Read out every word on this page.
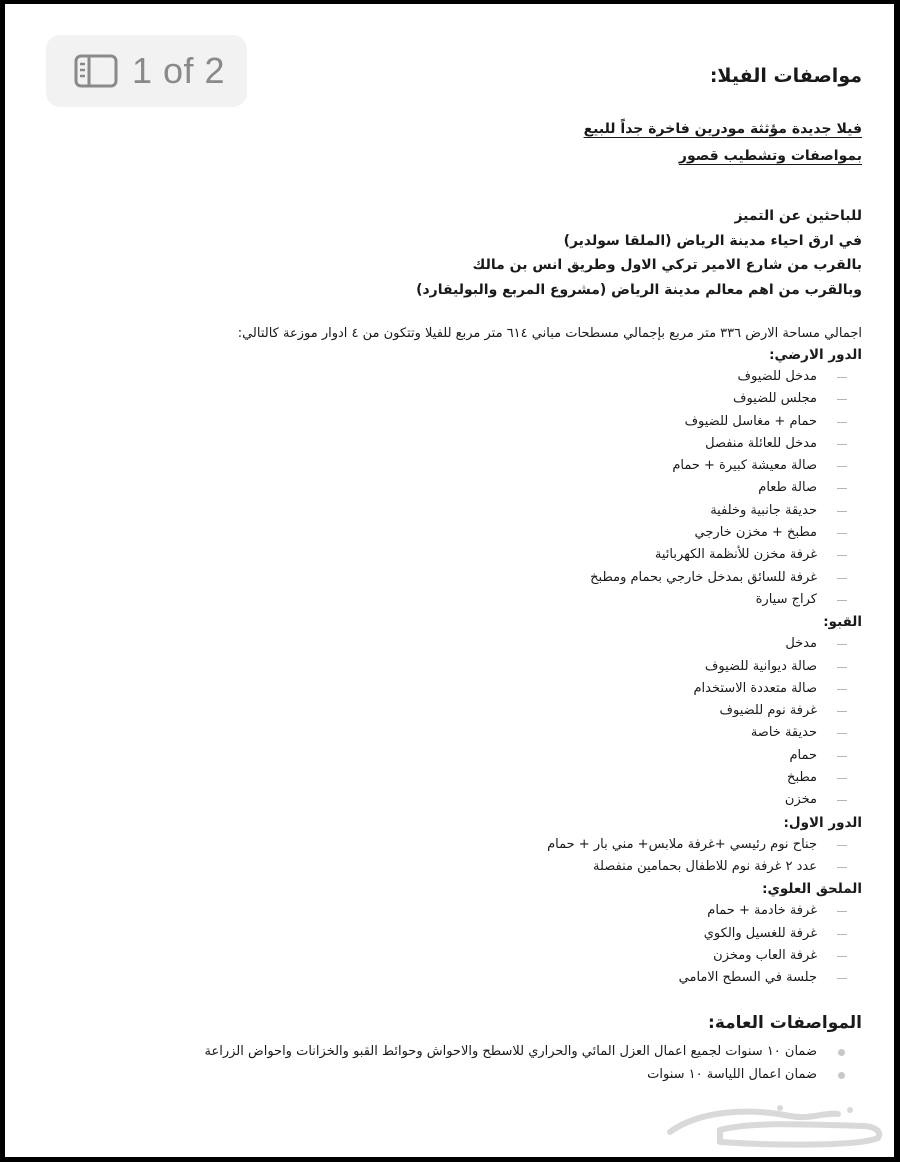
1 of 2	مواصفات الفيلا:
فيلا جديدة مؤثثة مودرين فاخرة جداً للبيع
بمواصفات وتشطيب قصور
للباحثين عن التميز
في ارق احياء مدينة الرياض (الملقا سولدير)
بالقرب من شارع الامير تركي الاول وطريق انس بن مالك
وبالقرب من اهم معالم مدينة الرياض (مشروع المربع والبوليفارد)
اجمالي مساحة الارض ٣٣٦ متر مربع بإجمالي مسطحات مباني ٦١٤ متر مربع للفيلا وتتكون من ٤ ادوار موزعة كالتالي:
الدور الارضي:
مدخل للضيوف
مجلس للضيوف
حمام + مغاسل للضيوف
مدخل للعائلة منفصل
صالة معيشة كبيرة + حمام
صالة طعام
حديقة جانبية وخلفية
مطبخ + مخزن خارجي
غرفة مخزن للأنظمة الكهربائية
غرفة للسائق بمدخل خارجي بحمام ومطبخ
كراج سيارة
القبو:
مدخل
صالة ديوانية للضيوف
صالة متعددة الاستخدام
غرفة نوم للضيوف
حديقة خاصة
حمام
مطبخ
مخزن
الدور الاول:
جناح نوم رئيسي +غرفة ملابس+ مني بار + حمام
عدد ٢ غرفة نوم للاطفال بحمامين منفصلة
الملحق العلوي:
غرفة خادمة + حمام
غرفة للغسيل والكوي
غرفة العاب ومخزن
جلسة في السطح الامامي
المواصفات العامة:
ضمان ١٠ سنوات لجميع اعمال العزل المائي والحراري للاسطح والاحواش وحوائط القبو والخزانات واحواض الزراعة
ضمان اعمال اللياسة ١٠ سنوات
